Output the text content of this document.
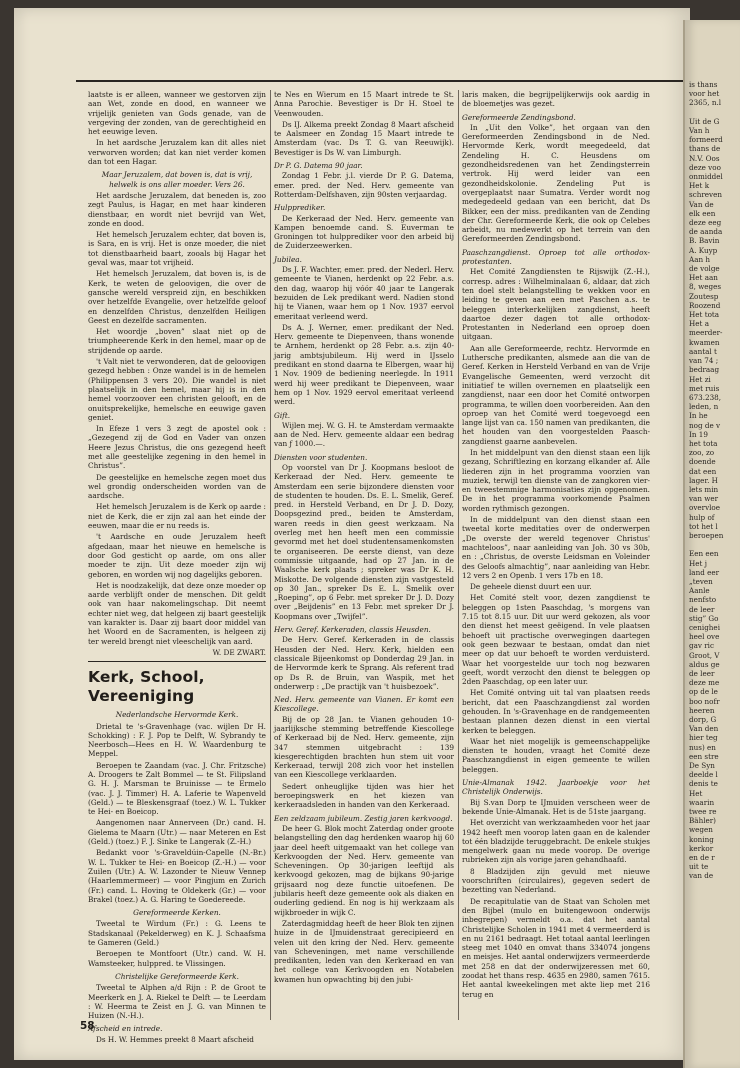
laatste is er alleen, wanneer we gestorven zijn aan Wet, zonde en dood, en wanneer we vrijelijk genieten van Gods genade, van de vergeving der zonden, van de gerechtigheid en het eeuwige leven.

In het aardsche Jeruzalem kan dit alles niet verworven worden; dat kan niet verder komen dan tot een Hagar.

Maar Jeruzalem, dat boven is, dat is vrij, helwelk is ons aller moeder. Vers 26.

Het aardsche Jeruzalem, dat beneden is, zoo zegt Paulus, is Hagar, en met haar kinderen dienstbaar, en wordt niet bevrijd van Wet, zonde en dood.

Het hemelsch Jeruzalem echter, dat boven is, is Sara, en is vrij. Het is onze moeder, die niet tot dienstbaarheid baart, zooals bij Hagar het geval was, maar tot vrijheid.

Het hemelsch Jeruzalem, dat boven is, is de Kerk, te weten de geloovigen, die over de gansche wereld verspreid zijn, en beschikken over hetzelfde Evangelie, over hetzelfde geloof en denzelfden Christus, denzelfden Heiligen Geest en dezelfde sacramenten.

Het woordje „boven” slaat niet op de triumpheerende Kerk in den hemel, maar op de strijdende op aarde.

't Valt niet te verwonderen, dat de geloovigen gezegd hebben : Onze wandel is in de hemelen (Philippensen 3 vers 20). Die wandel is niet plaatselijk in den hemel, maar hij is in den hemel voorzoover een christen gelooft, en de onuitsprekelijke, hemelsche en eeuwige gaven geniet.

In Efeze 1 vers 3 zegt de apostel ook : „Gezegend zij de God en Vader van onzen Heere Jezus Christus, die ons gezegend heeft met alle geestelijke zegening in den hemel in Christus”.

De geestelijke en hemelsche zegen moet dus wel grondig onderscheiden worden van de aardsche.

Het hemelsch Jeruzalem is de Kerk op aarde : niet de Kerk, die er zijn zal aan het einde der eeuwen, maar die er nu reeds is.

't Aardsche en oude Jeruzalem heeft afgedaan, maar het nieuwe en hemelsche is door God gesticht op aarde, om ons aller moeder te zijn. Uit deze moeder zijn wij geboren, en worden wij nog dagelijks geboren.

Het is noodzakelijk, dat deze onze moeder op aarde verblijft onder de menschen. Dit geldt ook van haar nakomelingschap. Dit neemt echter niet weg, dat helgeen zij baart geestelijk van karakter is. Daar zij baart door middel van het Woord en de Sacramenten, is helgeen zij ter wereld brengt niet vleeschelijk van aard.

W. DE ZWART.

Kerk, School, Vereeniging

Nederlandsche Hervormde Kerk.

Drietal te 's-Gravenhage (vac. wijlen Dr H. Schokking) : F. J. Pop te Delft, W. Sybrandy te Neerbosch—Hees en H. W. Waardenburg te Meppel.

Beroepen te Zaandam (vac. J. Chr. Fritzsche) A. Droogers te Zalt Bommel — te St. Filipsland G. H. J. Marsman te Bruinisse — te Ermelo (vac. J. J. Timmer) H. A. Laferie te Wapenveld (Geld.) — te Bleskensgraaf (toez.) W. L. Tukker te Hei- en Boeicop.

Aangenomen naar Annerveen (Dr.) cand. H. Gielema te Maarn (Utr.) — naar Meteren en Est (Geld.) (toez.) F. J. Sinke te Langerak (Z.-H.)

Bedankt voor 's-Graveldúin-Capelle (N.-Br.) W. L. Tukker te Hei- en Boeicop (Z.-H.) — voor Zuilen (Utr.) A. W. Lazonder te Nieuw Vennep (Haarlemmermeer) — voor Pingjum en Zurich (Fr.) cand. L. Hoving te Oldekerk (Gr.) — voor Brakel (toez.) A. G. Haring te Goedereede.

Gereformeerde Kerken.

Tweetal te Wirdum (Fr.) : G. Leens te Stadskanaal (Pekelderweg) en K. J. Schaafsma te Gameren (Geld.)

Beroepen te Montfoort (Utr.) cand. W. H. Wamsteeker, hulppred. te Vlissingen.

Christelijke Gereformeerde Kerk.

Tweetal te Alphen a/d Rijn : P. de Groot te Meerkerk en J. A. Riekel te Delft — te Leerdam : W. Heerma te Zeist en J. G. van Minnen te Huizen (N.-H.).

Afscheid en intrede.

Ds H. W. Hemmes preekt 8 Maart afscheid

te Nes en Wierum en 15 Maart intrede te St. Anna Parochie. Bevestiger is Dr H. Stoel te Veenwouden.

Ds IJ. Alkema preekt Zondag 8 Maart afscheid te Aalsmeer en Zondag 15 Maart intrede te Amsterdam (vac. Ds T. G. van Reeuwijk). Bevestiger is Ds W. van Limburgh.

Dr P. G. Datema 90 jaar.

Zondag 1 Febr. j.l. vierde Dr P. G. Datema, emer. pred. der Ned. Herv. gemeente van Rotterdam-Delfshaven, zijn 90sten verjaardag.

Hulpprediker.

De Kerkeraad der Ned. Herv. gemeente van Kampen benoemde cand. S. Euverman te Groningen tot hulpprediker voor den arbeid bij de Zuiderzeewerken.

Jubilea.

Ds J. F. Wachter, emer. pred. der Nederl. Herv. gemeente te Vianen, herdenkt op 22 Febr. a.s. den dag, waarop hij vóór 40 jaar te Langerak bezuiden de Lek predikant werd. Nadien stond hij te Vianen, waar hem op 1 Nov. 1937 eervol emeritaat verleend werd.

Ds A. J. Werner, emer. predikant der Ned. Herv. gemeente te Diepenveen, thans wonende te Arnhem, herdenkt op 28 Febr. a.s. zijn 40-jarig ambtsjubileum. Hij werd in IJsselo predikant en stond daarna te Elbergen, waar hij 1 Nov. 1909 de bediening neerlegde. In 1911 werd hij weer predikant te Diepenveen, waar hem op 1 Nov. 1929 eervol emeritaat verleend werd.

Gift.

Wijlen mej. W. G. H. te Amsterdam vermaakte aan de Ned. Herv. gemeente aldaar een bedrag van ƒ 1000.—.

Diensten voor studenten.

Op voorstel van Dr J. Koopmans besloot de Kerkeraad der Ned. Herv. gemeente te Amsterdam een serie bijzondere diensten voor de studenten te houden. Ds. E. L. Smelik, Geref. pred. in Hersteld Verband, en Dr J. D. Dozy, Doopsgezind pred., beiden te Amsterdam, waren reeds in dien geest werkzaam. Na overleg met hen heeft men een commissie gevormd met het doel studentensamenkomsten te organiseeren. De eerste dienst, van deze commissie uitgaande, had op 27 Jan. in de Waalsche kerk plaats ; spreker was Dr K. H. Miskotte. De volgende diensten zijn vastgesteld op 30 Jan., spreker Ds E. L. Smelik over „Roeping”, op 6 Febr. met spreker Dr J. D. Dozy over „Beijdenis” en 13 Febr. met spreker Dr J. Koopmans over „Twijfel”.

Herv. Geref. Kerkeraden, classis Heusden.

De Herv. Geref. Kerkeraden in de classis Heusden der Ned. Herv. Kerk, hielden een classicale Bijeenkomst op Donderdag 29 Jan. in de Hervormde kerk te Sprang. Als referent trad op Ds R. de Bruin, van Waspik, met het onderwerp : „De practijk van 't huisbezoek”.

Ned. Herv. gemeente van Vianen. Er komt een Kiescollege.

Bij de op 28 Jan. te Vianen gehouden 10-jaarlijksche stemming betreffende Kiescollege of Kerkeraad bij de Ned. Herv. gemeente, zijn 347 stemmen uitgebracht : 139 kiesgerechtigden brachten hun stem uit voor Kerkeraad, terwijl 208 zich voor het instellen van een Kiescollege verklaarden.

Sedert onheuglijke tijden was hier het beroepingswerk en het kiezen van kerkeraadsleden in handen van den Kerkeraad.

Een zeldzaam jubileum. Zestig jaren kerkvoogd.

De heer G. Blok mocht Zaterdag onder groote belangstelling den dag herdenken waarop hij 60 jaar deel heeft uitgemaakt van het college van Kerkvoogden der Ned. Herv. gemeente van Scheveningen. Op 30-jarigen leeftijd als kerkvoogd gekozen, mag de bijkans 90-jarige grijsaard nog deze functie uitoefenen. De jubilaris heeft deze gemeente ook als diaken en ouderling gediend. En nog is hij werkzaam als wijkbroeder in wijk C.

Zaterdagmiddag heeft de heer Blok ten zijnen huize in de IJmuidenstraat gerecipieerd en velen uit den kring der Ned. Herv. gemeente van Scheveningen, met name verschillende predikanten, leden van den Kerkeraad en van het college van Kerkvoogden en Notabelen kwamen hun opwachting bij den jubi-

laris maken, die begrijpelijkerwijs ook aardig in de bloemetjes was gezet.

Gereformeerde Zendingsbond.

In „Uit den Volke”, het orgaan van den Gereformeerden Zendingsbond in de Ned. Hervormde Kerk, wordt meegedeeld, dat Zendeling H. C. Heusdens om gezondheidsredenen van het Zendingsterrein vertrok. Hij werd leider van een gezondheidskolonie. Zendeling Put is overgeplaatst naar Sumatra. Verder wordt nog medegedeeld gedaan van een bericht, dat Ds Bikker, een der miss. predikanten van de Zending der Chr. Gereformeerde Kerk, die ook op Celebes arbeidt, nu medewerkt op het terrein van den Gereformeerden Zendingsbond.

Paaschzangdienst. Oproep tot alle orthodox-protestanten.

Het Comité Zangdiensten te Rijswijk (Z.-H.), corresp. adres : Wilhelminalaan 6, aldaar, dat zich ten doel stelt belangstelling te wekken voor en leiding te geven aan een met Paschen a.s. te beleggen interkerkelijken zangdienst, heeft daartoe dezer dagen tot alle orthodox-Protestanten in Nederland een oproep doen uitgaan.

Aan alle Gereformeerde, rechtz. Hervormde en Luthersche predikanten, alsmede aan die van de Geref. Kerken in Hersteld Verband en van de Vrije Evangelische Gemeenten, werd verzocht dit initiatief te willen overnemen en plaatselijk een zangdienst, naar een door het Comité ontworpen programma, te willen doen voorbereiden. Aan den oproep van het Comité werd toegevoegd een lange lijst van ca. 150 namen van predikanten, die het houden van den voorgestelden Paasch-zangdienst gaarne aanbevelen.

In het middelpunt van den dienst staan een lijk gezang, Schriftlezing en korzang elkander af. Alle liederen zijn in het programma voorzien van muziek, terwijl ten dienste van de zangkoren vier- en tweestemmige harmonisaties zijn opgenomen. De in het programma voorkomende Psalmen worden rythmisch gezongen.

In de middelpunt van den dienst staan een tweetal korte meditaties over de onderwerpen „De overste der wereld tegenover Christus' machteloos”, naar aanleiding van Joh. 30 vs 30b, en : „Christus, de overste Leidsman en Voleinder des Geloofs almachtig”, naar aanleiding van Hebr. 12 vers 2 en Openb. 1 vers 17b en 18.

De geheele dienst duurt een uur.

Het Comité stelt voor, dezen zangdienst te beleggen op 1sten Paaschdag, 's morgens van 7.15 tot 8.15 uur. Dit uur werd gekozen, als voor den dienst het meest geëigend. In vele plaatsen behoeft uit practische overwegingen daartegen ook geen bezwaar te bestaan, omdat dan niet meer op dat uur behoeft te worden verduisterd. Waar het voorgestelde uur toch nog bezwaren geeft, wordt verzocht den dienst te beleggen op 2den Paaschdag, op een later uur.

Het Comité ontving uit tal van plaatsen reeds bericht, dat een Paaschzangdienst zal worden gehouden. In 's-Gravenhage en de randgemeenten bestaan plannen dezen dienst in een viertal kerken te beleggen.

Waar het niet mogelijk is gemeenschappelijke diensten te houden, vraagt het Comité deze Paaschzangdienst in eigen gemeente te willen beleggen.

Unie-Almanak 1942. Jaarboekje voor het Christelijk Onderwijs.

Bij S.van Dorp te IJmuiden verscheen weer de bekende Unie-Almanak. Het is de 51ste jaargang.

Het overzicht van werkzaamheden voor het jaar 1942 heeft men voorop laten gaan en de kalender tot één bladzijde teruggebracht. De enkele stukjes mengelwerk gaan nu mede voorop. De overige rubrieken zijn als vorige jaren gehandhaafd.

8 Bladzijden zijn gevuld met nieuwe voorschriften (circulaires), gegeven sedert de bezetting van Nederland.

De recapitulatie van de Staat van Scholen met den Bijbel (mulo en buitengewoon onderwijs inbegrepen) vermeldt o.a. dat het aantal Christelijke Scholen in 1941 met 4 vermeerderd is en nu 2161 bedraagt. Het totaal aantal leerlingen steeg met 1040 en omvat thans 334074 jongens en meisjes. Het aantal onderwijzers vermeerderde met 258 en dat der onderwijzeressen met 60, zoodat het thans resp. 4635 en 2980, samen 7615. Het aantal kweekelingen met akte liep met 216 terug en

58
is thans
voor het
2365, n.l

Uit de G
Van h
formeerd
thans de
N.V. Oos
deze voo
onmiddel
Het k
schreven
Van de
elk een
deze eeg
de aanda
B. Bavin
A. Kuyp
Aan h
de volge
Het aan
8, weges
Zoutesp
Roozend
Het tota
Het a
meerder-
kwamen
aantal t
van 74 ;
bedraag
Het zi
met ruis
673.238,
leden, n
In he
nog de v
In 19
het tota
zoo, zo
doende
dat een
lager. H
lets min
van wer
overvloe
hulp of
tot het l
beroepen

Een een
Het j
land eer
„teven
Aanle
nenfsto
de leer
stig” Go
cenighei
heel ove
gav ric
Groot, V
aldus ge
de leer
deze me
op de le
boo nofr
heeren
dorp, G
Van den
hier teg
nus) en
een stre
De Syn
deelde l
denis te
Het
waarin
twee re
Bähler)
wegen
koning
kerkor
en de r
uit te
van de
